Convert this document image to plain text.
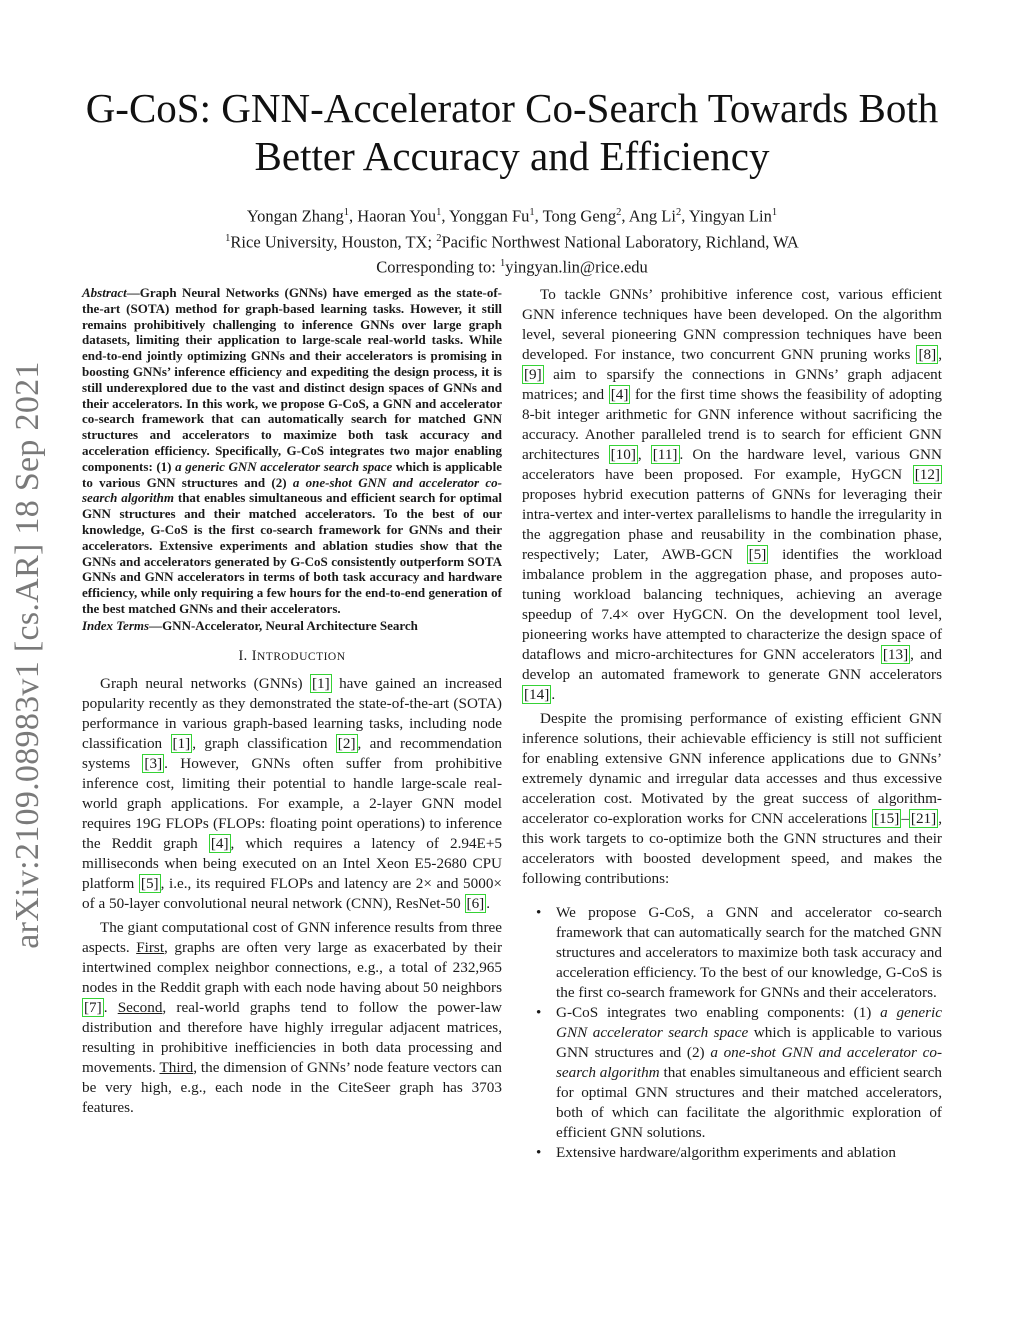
arXiv:2109.08983v1 [cs.AR] 18 Sep 2021
G-CoS: GNN-Accelerator Co-Search Towards Both Better Accuracy and Efficiency
Yongan Zhang$^1$, Haoran You$^1$, Yonggan Fu$^1$, Tong Geng$^2$, Ang Li$^2$, Yingyan Lin$^1$
$^1$Rice University, Houston, TX; $^2$Pacific Northwest National Laboratory, Richland, WA
Corresponding to: $^1$yingyan.lin@rice.edu
Abstract—Graph Neural Networks (GNNs) have emerged as the state-of-the-art (SOTA) method for graph-based learning tasks. However, it still remains prohibitively challenging to inference GNNs over large graph datasets, limiting their application to large-scale real-world tasks. While end-to-end jointly optimizing GNNs and their accelerators is promising in boosting GNNs’ inference efficiency and expediting the design process, it is still underexplored due to the vast and distinct design spaces of GNNs and their accelerators. In this work, we propose G-CoS, a GNN and accelerator co-search framework that can automatically search for matched GNN structures and accelerators to maximize both task accuracy and acceleration efficiency. Specifically, G-CoS integrates two major enabling components: (1) a generic GNN accelerator search space which is applicable to various GNN structures and (2) a one-shot GNN and accelerator co-search algorithm that enables simultaneous and efficient search for optimal GNN structures and their matched accelerators. To the best of our knowledge, G-CoS is the first co-search framework for GNNs and their accelerators. Extensive experiments and ablation studies show that the GNNs and accelerators generated by G-CoS consistently outperform SOTA GNNs and GNN accelerators in terms of both task accuracy and hardware efficiency, while only requiring a few hours for the end-to-end generation of the best matched GNNs and their accelerators.
Index Terms—GNN-Accelerator, Neural Architecture Search
I. INTRODUCTION

Graph neural networks (GNNs) [1] have gained an increased popularity recently as they demonstrated the state-of-the-art (SOTA) performance in various graph-based learning tasks, including node classification [1] , graph classification [2] , and recommendation systems [3] . However, GNNs often suffer from prohibitive inference cost, limiting their potential to handle large-scale real-world graph applications. For example, a 2-layer GNN model requires 19G FLOPs (FLOPs: floating point operations) to inference the Reddit graph [4] , which requires a latency of 2.94E+5 milliseconds when being executed on an Intel Xeon E5-2680 CPU platform [5] , i.e., its required FLOPs and latency are 2× and 5000× of a 50-layer convolutional neural network (CNN), ResNet-50 [6] .

The giant computational cost of GNN inference results from three aspects. First, graphs are often very large as exacerbated by their intertwined complex neighbor connections, e.g., a total of 232,965 nodes in the Reddit graph with each node having about 50 neighbors [7] . Second, real-world graphs tend to follow the power-law distribution and therefore have highly irregular adjacent matrices, resulting in prohibitive inefficiencies in both data processing and movements. Third, the dimension of GNNs’ node feature vectors can be very high, e.g., each node in the CiteSeer graph has 3703 features.

To tackle GNNs’ prohibitive inference cost, various efficient GNN inference techniques have been developed. On the algorithm level, several pioneering GNN compression techniques have been developed. For instance, two concurrent GNN pruning works [8] , [9] aim to sparsify the connections in GNNs’ graph adjacent matrices; and [4] for the first time shows the feasibility of adopting 8-bit integer arithmetic for GNN inference without sacrificing the accuracy. Another paralleled trend is to search for efficient GNN architectures [10] , [11] . On the hardware level, various GNN accelerators have been proposed. For example, HyGCN [12] proposes hybrid execution patterns of GNNs for leveraging their intra-vertex and inter-vertex parallelisms to handle the irregularity in the aggregation phase and reusability in the combination phase, respectively; Later, AWB-GCN [5] identifies the workload imbalance problem in the aggregation phase, and proposes auto-tuning workload balancing techniques, achieving an average speedup of 7.4× over HyGCN. On the development tool level, pioneering works have attempted to characterize the design space of dataflows and micro-architectures for GNN accelerators [13] , and develop an automated framework to generate GNN accelerators [14] .

Despite the promising performance of existing efficient GNN inference solutions, their achievable efficiency is still not sufficient for enabling extensive GNN inference applications due to GNNs’ extremely dynamic and irregular data accesses and thus excessive acceleration cost. Motivated by the great success of algorithm-accelerator co-exploration works for CNN accelerations [15] – [21] , this work targets to co-optimize both the GNN structures and their accelerators with boosted development speed, and makes the following contributions:

• We propose G-CoS, a GNN and accelerator co-search framework that can automatically search for the matched GNN structures and accelerators to maximize both task accuracy and acceleration efficiency. To the best of our knowledge, G-CoS is the first co-search framework for GNNs and their accelerators.
• G-CoS integrates two enabling components: (1) a generic GNN accelerator search space which is applicable to various GNN structures and (2) a one-shot GNN and accelerator co-search algorithm that enables simultaneous and efficient search for optimal GNN structures and their matched accelerators, both of which can facilitate the algorithmic exploration of efficient GNN solutions.
• Extensive hardware/algorithm experiments and ablation
